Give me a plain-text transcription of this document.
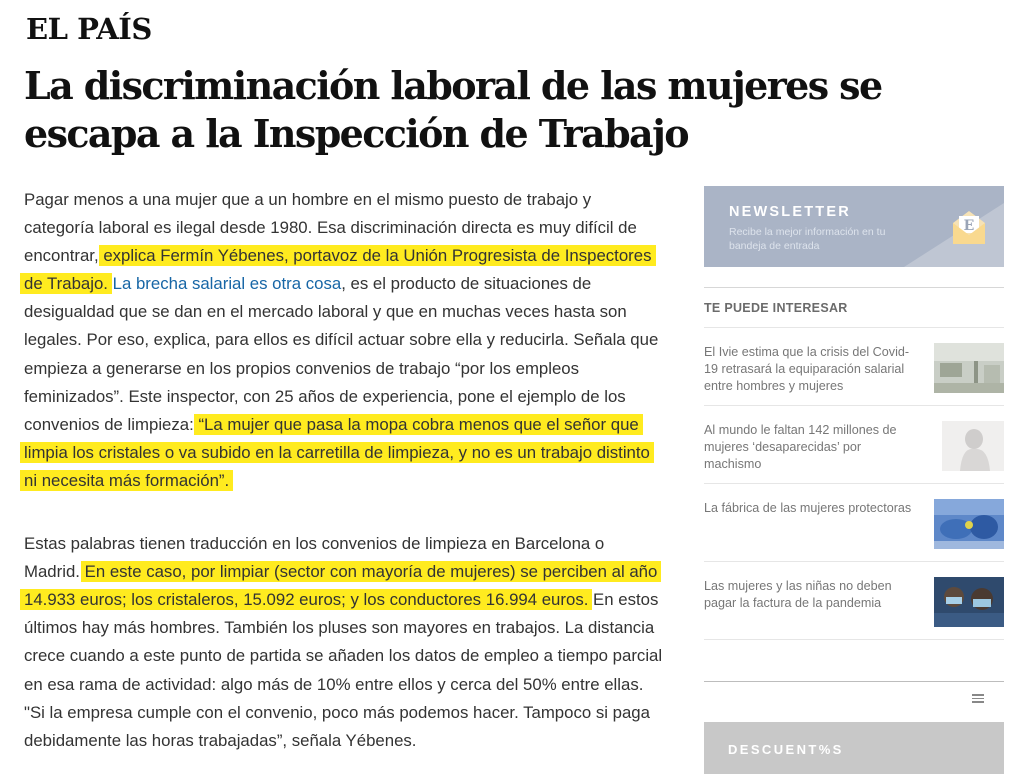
EL PAÍS
La discriminación laboral de las mujeres se escapa a la Inspección de Trabajo

Pagar menos a una mujer que a un hombre en el mismo puesto de trabajo y categoría laboral es ilegal desde 1980. Esa discriminación directa es muy difícil de encontrar, explica Fermín Yébenes, portavoz de la Unión Progresista de Inspectores de Trabajo. La brecha salarial es otra cosa, es el producto de situaciones de desigualdad que se dan en el mercado laboral y que en muchas veces hasta son legales. Por eso, explica, para ellos es difícil actuar sobre ella y reducirla. Señala que empieza a generarse en los propios convenios de trabajo “por los empleos feminizados”. Este inspector, con 25 años de experiencia, pone el ejemplo de los convenios de limpieza: “La mujer que pasa la mopa cobra menos que el señor que limpia los cristales o va subido en la carretilla de limpieza, y no es un trabajo distinto ni necesita más formación”.

Estas palabras tienen traducción en los convenios de limpieza en Barcelona o Madrid. En este caso, por limpiar (sector con mayoría de mujeres) se perciben al año 14.933 euros; los cristaleros, 15.092 euros; y los conductores 16.994 euros. En estos últimos hay más hombres. También los pluses son mayores en trabajos. La distancia crece cuando a este punto de partida se añaden los datos de empleo a tiempo parcial en esa rama de actividad: algo más de 10% entre ellos y cerca del 50% entre ellas. "Si la empresa cumple con el convenio, poco más podemos hacer. Tampoco si paga debidamente las horas trabajadas”, señala Yébenes.

NEWSLETTER
Recibe la mejor información en tu bandeja de entrada
E
TE PUEDE INTERESAR
El Ivie estima que la crisis del Covid-19 retrasará la equiparación salarial entre hombres y mujeres
Al mundo le faltan 142 millones de mujeres ‘desaparecidas’ por machismo
La fábrica de las mujeres protectoras
Las mujeres y las niñas no deben pagar la factura de la pandemia
DESCUENT%S
